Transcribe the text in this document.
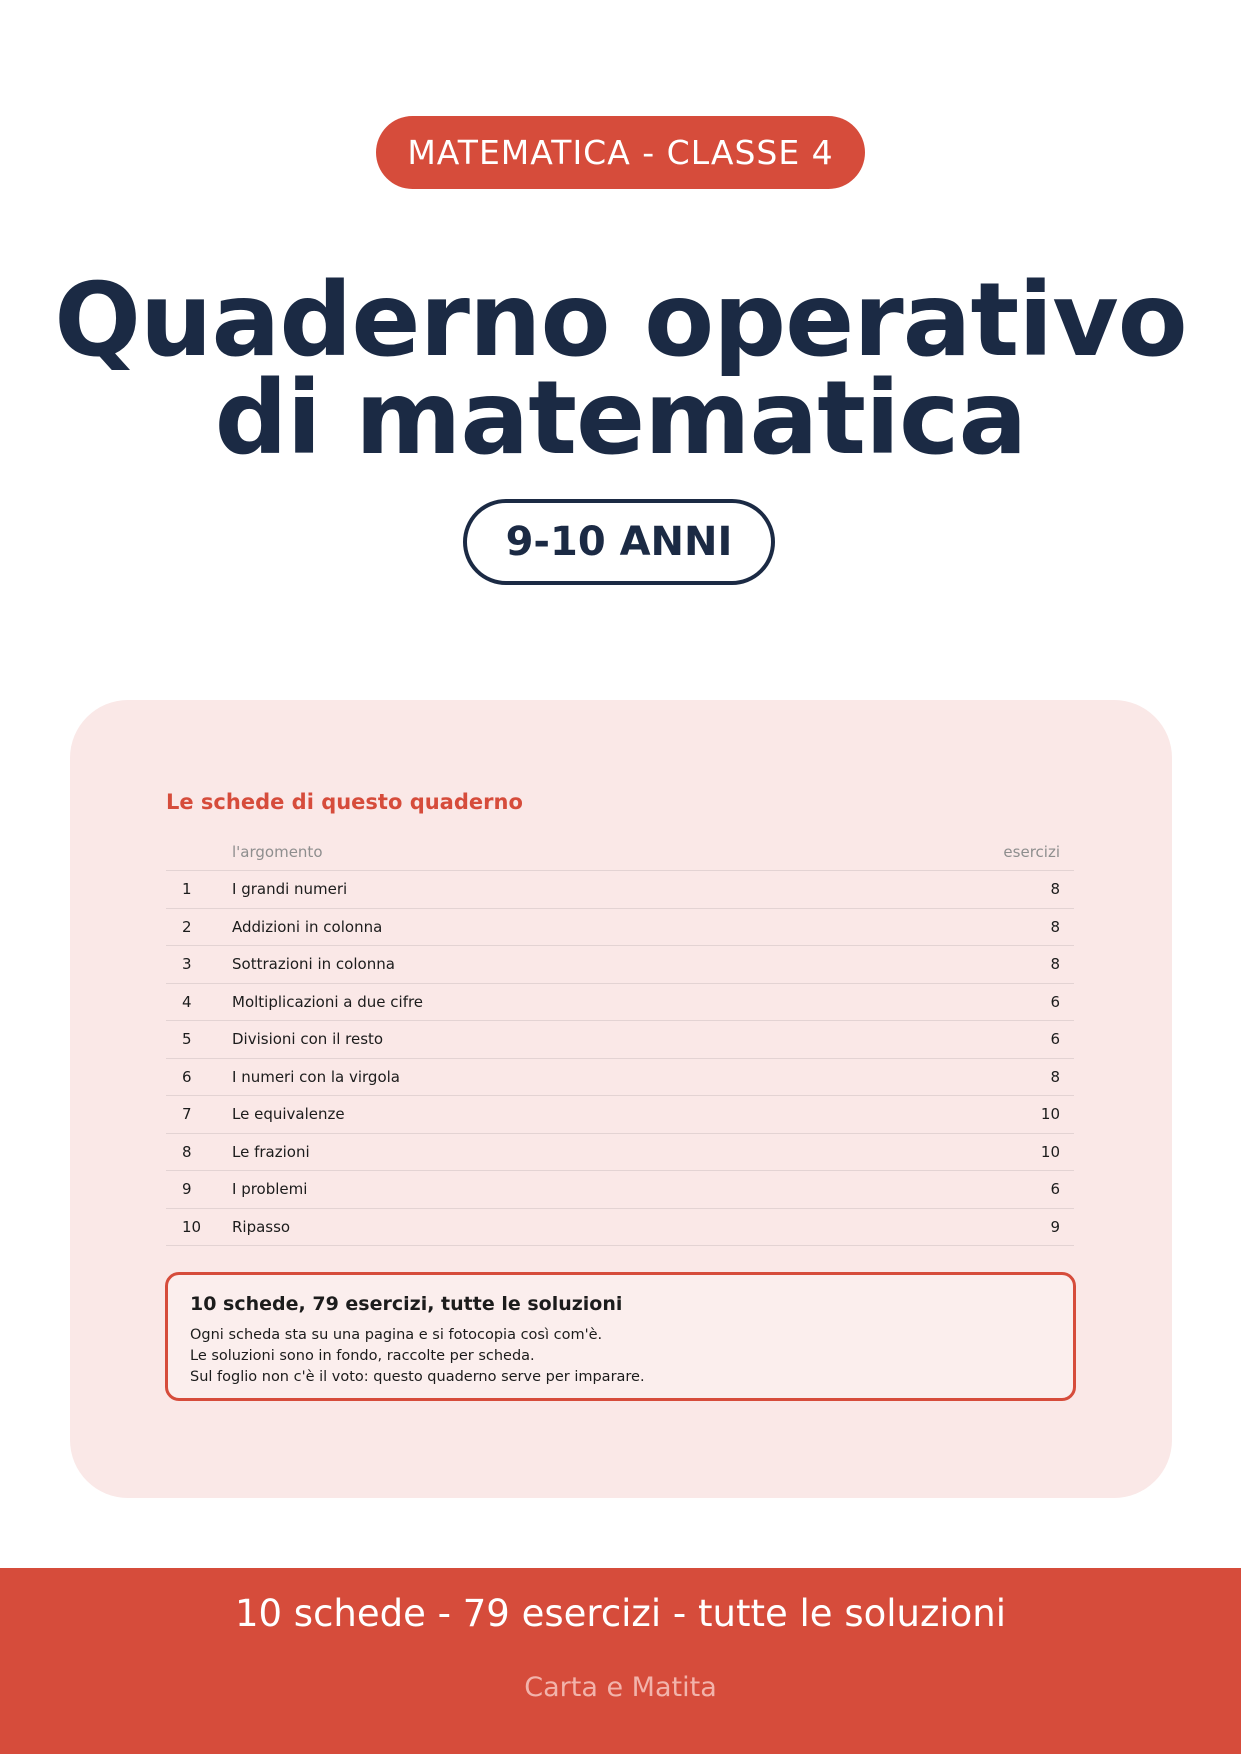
MATEMATICA - CLASSE 4
Quaderno operativo
di matematica
9-10 ANNI
Le schede di questo quaderno
l'argomento	esercizi
1	I grandi numeri	8
2	Addizioni in colonna	8
3	Sottrazioni in colonna	8
4	Moltiplicazioni a due cifre	6
5	Divisioni con il resto	6
6	I numeri con la virgola	8
7	Le equivalenze	10
8	Le frazioni	10
9	I problemi	6
10	Ripasso	9
10 schede, 79 esercizi, tutte le soluzioni
Ogni scheda sta su una pagina e si fotocopia così com'è.
Le soluzioni sono in fondo, raccolte per scheda.
Sul foglio non c'è il voto: questo quaderno serve per imparare.
10 schede - 79 esercizi - tutte le soluzioni
Carta e Matita
